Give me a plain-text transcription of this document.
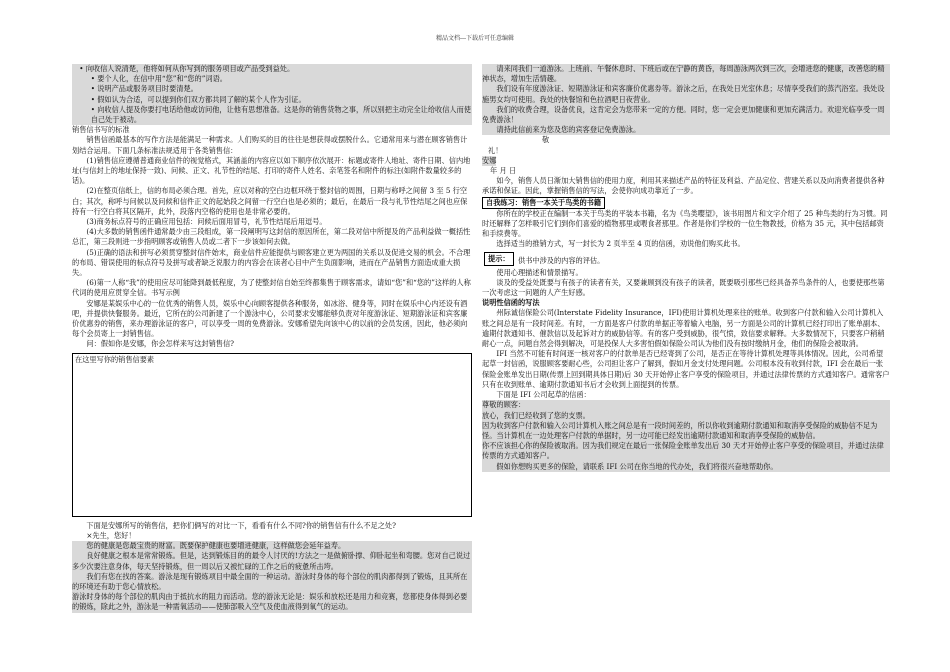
精品文档---下载后可任意编辑

• 向收信人说清楚，他将如何从你写到的服务项目或产品受到益处。

• 要个人化，在信中用“您”和“您的”词语。

• 说明产品或服务项目时要清楚。

• 假如认为合适，可以提到你们双方都共同了解的某个人作为引证。

• 向收信人提及你要打电话给他或访问他，让他有思想准备。这是你的销售货物之事，所以别把主动完全让给收信人而使自己处于被动。

销售信书写的标准

销售信函最基本的写作方法是能满足一种需求。人们购买的目的往往是想获得或摆脱什么。它通常用来与潜在顾客销售计划结合运用。下面几条标准法规适用于各类销售信：

(1)销售信应遵循普通商业信件的视觉格式，其涵盖的内容应以如下顺序依次展开：标题或寄件人地址、寄件日期、信内地址(与信封上的地址保持一致)、问候、正文、礼节性的结尾、打印的寄件人姓名、亲笔签名和附件的标注(如附件数量较多的话)。

(2)在整页信纸上，信的布局必须合理。首先，应以对称的空白边框环绕于整封信的周围，日期与称呼之间留 3 至 5 行空白；其次，称呼与问候以及问候和信件正文的起始段之间留一行空白也是必须的；最后，在最后一段与礼节性结尾之间也应保持有一行空白将其区隔开，此外，段落内空格的使用也是非常必要的。

(3)商务标点符号的正确应用包括：问候后面用冒号，礼节性结尾后用逗号。

(4)大多数的销售函件通常最少由三段组成，第一段阐明写这封信的原因所在，第二段对信中所提及的产品利益做一概括性总汇，第三段则进一步指明顾客或销售人员或二者下一步该如何去做。

(5)正确的语法和拼写必须贯穿整封信件始末，商业信件应能提供与顾客建立更为两国的关系以及促进交易的机会。不合理的布局、错误使用的标点符号及拼写或者缺乏说服力的内容会在读者心目中产生负面影响，进而在产品销售方面造成重大损失。

(6)第一人称“我”的使用应尽可能降到最低程度，为了使整封信自始至终都集售于顾客需求，请如“您”和“您的”这样的人称代词的使用应贯穿全信。书写示例

安娜是某娱乐中心的一位优秀的销售人员，娱乐中心向顾客提供各种服务，如冰浴、健身等，同时在娱乐中心内还设有酒吧，并提供快餐服务。最近，它所在的公司新建了一个游泳中心，公司要求安娜能够负责对年度游泳证、短期游泳证和宾客廉价优惠券的销售，来办理游泳证的客户，可以享受一周的免费游泳。安娜希望先向该中心的以前的会员发函，因此，他必须向每个会员寄上一封销售信。

问：假如你是安娜，你会怎样来写这封销售信?

在这里写你的销售信要素

下面是安娜所写的销售信，把你们俩写的对比一下，看看有什么不同?你的销售信有什么不足之处?

×先生，您好！

您的健康是您最宝贵的财富。既要保护健康也要增进健康，这样做您会延年益寿。

良好健康之根本是常常锻炼。但是，达到锻炼目的的最令人讨厌的!方法之一是做俯卧撑、仰卧起坐和弯腰。您对自己说过多少次要注意身体，每天坚持锻炼，但一周以后又被忙碌的工作之后的疲惫所击垮。

我们有您在找的答案。游泳是现有锻炼项目中最全面的一种运动。游泳时身体的每个部位的肌肉都得到了锻炼，且其所在的环境还有助于您心情放松。

游泳时身体的每个部位的肌肉由于抵抗水的阻力而活动。您的游泳无论是：娱乐和放松还是用力和竞赛，您都使身体得到必要的锻炼，除此之外，游泳是一种需氧活动——使肺部吸入空气及使血液得到氧气的运动。

请来同我们一道游泳。上班前、午餐休息时、下班后或在宁静的黄昏，每周游泳两次到三次，会增进您的健康，改善您的精神状态，增加生活情趣。

我们设有年度游泳证、短期游泳证和宾客廉价优惠券等。游泳之后，在我处日光室休息；尽情享受我们的蒸汽浴室。我处设施男女均可使用。我处的快餐馆和色拉酒吧日夜营业。

我们的收费合理，设备优良，这肯定会为您带来一定的方便。同时，您一定会更加健康和更加充满活力。欢迎光临享受一周免费游泳！

请持此信前来为您及您的宾客登记免费游泳。

敬

礼！

安娜

年 月 日

如今，销售人员日渐加大销售信的使用力度，利用其来描述产品的特征及利益、产品定位、营建关系以及向消费者提供各种承诺和保证。因此，掌握销售信的写法，会使你向成功靠近了一步。

自我练习：销售一本关于鸟类的书籍

你所在的学校正在编制一本关于鸟类的平装本书籍，名为《鸟类嘤望》，该书用图片和文字介绍了 25 种鸟类的行为习惯。同时还解释了怎样吸引它们到你们喜爱的植物那里或喂食者那里。作者是你们学校的一位生物教授，价格为 35 元，其中包括邮资和手续费等。

选择适当的推销方式，写一封长为 2 页半至 4 页的信函，劝说他们购买此书。

提示：	供书中涉及的内容的评估。

使用心理描述和情景描写。

谈及的受益处既要与有孩子的读者有关，又要兼顾到没有孩子的读者，既要吸引那些已经具备养鸟条件的人，也要使那些第一次考虑这一问题的人产生好感。

说明性信函的写法

州际诚信保险公司(Interstate Fidelity Insurance，IFI)使用计算机处理来往的账单。收到客户付款和输入公司计算机入账之间总是有一段时间差。有时，一方面是客户付款的单据正等着输入电脑，另一方面是公司的计算机已经打印出了账单副本、逾期付款通知书、催款信以及起诉对方的威胁信等。有的客户受到威胁，很气愤，致信要求解释。大多数情况下，只要客户稍稍耐心一点，问题自然会得到解决，可是投保人大多害怕假如保险公司认为他们没有按时缴纳月金，他们的保险会被取消。

IFI 当然不可能有时间逐一核对客户的付款单是否已经寄到了公司，是否正在等待计算机处理等具体情况。因此，公司希望起草一封信函，说服顾客要耐心些，公司担让客户了解到，假如月金支付处理问题。公司根本没有收到付款，IFI 会在最后一张保险金账单发出日期(传票上回到期具体日期)后 30 天开始停止客户享受的保险项目，并通过法律传票的方式通知客户。通常客户只有在收到账单、逾期付款通知书后才会收到上面提到的传票。

下面是 IFI 公司起草的信函：

尊敬的顾客：

放心，我们已经收到了您的支票。

因为收到客户付款和输入公司计算机入账之间总是有一段时间差的，所以你收到逾期付款通知和取消享受保险的威胁信不足为怪。当计算机在一边处理客户付款的单据时，另一边可能已经发出逾期付款通知和取消享受保险的威胁信。

你不应该担心你的保险被取消。因为我们规定在最后一张保险金账单发出后 30 天才开始停止客户享受的保险项目，并通过法律传票的方式通知客户。

假如你想购买更多的保险，请联系 IFI 公司在你当地的代办处，我们将很兴奋地帮助你。
